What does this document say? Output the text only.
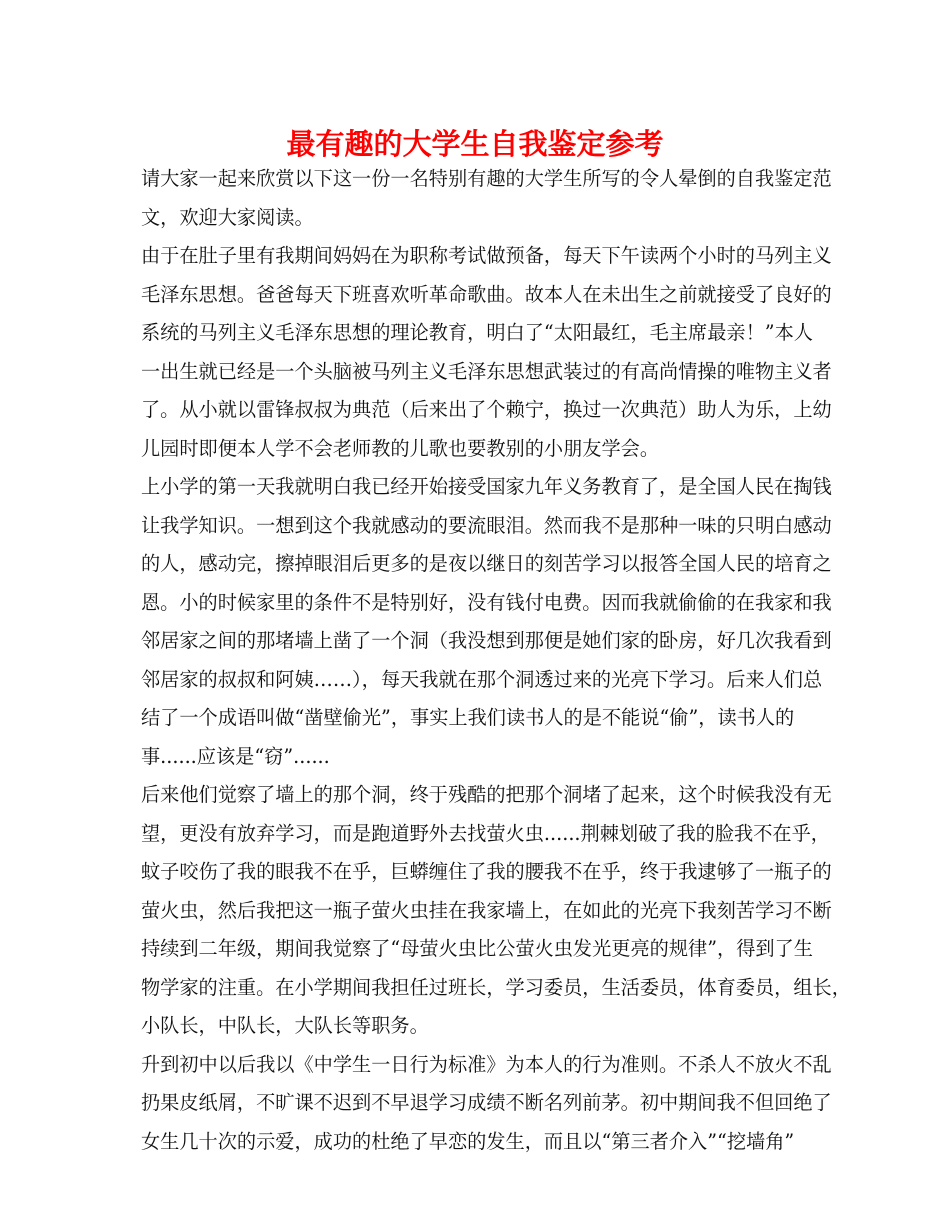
最有趣的大学生自我鉴定参考
请大家一起来欣赏以下这一份一名特别有趣的大学生所写的令人晕倒的自我鉴定范
文，欢迎大家阅读。
由于在肚子里有我期间妈妈在为职称考试做预备，每天下午读两个小时的马列主义
毛泽东思想。爸爸每天下班喜欢听革命歌曲。故本人在未出生之前就接受了良好的
系统的马列主义毛泽东思想的理论教育，明白了“太阳最红，毛主席最亲！”本人
一出生就已经是一个头脑被马列主义毛泽东思想武装过的有高尚情操的唯物主义者
了。从小就以雷锋叔叔为典范（后来出了个赖宁，换过一次典范）助人为乐，上幼
儿园时即便本人学不会老师教的儿歌也要教别的小朋友学会。
上小学的第一天我就明白我已经开始接受国家九年义务教育了，是全国人民在掏钱
让我学知识。一想到这个我就感动的要流眼泪。然而我不是那种一味的只明白感动
的人，感动完，擦掉眼泪后更多的是夜以继日的刻苦学习以报答全国人民的培育之
恩。小的时候家里的条件不是特别好，没有钱付电费。因而我就偷偷的在我家和我
邻居家之间的那堵墙上凿了一个洞（我没想到那便是她们家的卧房，好几次我看到
邻居家的叔叔和阿姨……），每天我就在那个洞透过来的光亮下学习。后来人们总
结了一个成语叫做“凿壁偷光”，事实上我们读书人的是不能说“偷”，读书人的
事......应该是“窃”......
后来他们觉察了墙上的那个洞，终于残酷的把那个洞堵了起来，这个时候我没有无
望，更没有放弃学习，而是跑道野外去找萤火虫......荆棘划破了我的脸我不在乎，
蚊子咬伤了我的眼我不在乎，巨蟒缠住了我的腰我不在乎，终于我逮够了一瓶子的
萤火虫，然后我把这一瓶子萤火虫挂在我家墙上，在如此的光亮下我刻苦学习不断
持续到二年级，期间我觉察了“母萤火虫比公萤火虫发光更亮的规律”，得到了生
物学家的注重。在小学期间我担任过班长，学习委员，生活委员，体育委员，组长，
小队长，中队长，大队长等职务。
升到初中以后我以《中学生一日行为标准》为本人的行为准则。不杀人不放火不乱
扔果皮纸屑，不旷课不迟到不早退学习成绩不断名列前茅。初中期间我不但回绝了
女生几十次的示爱，成功的杜绝了早恋的发生，而且以“第三者介入”“挖墙角”
